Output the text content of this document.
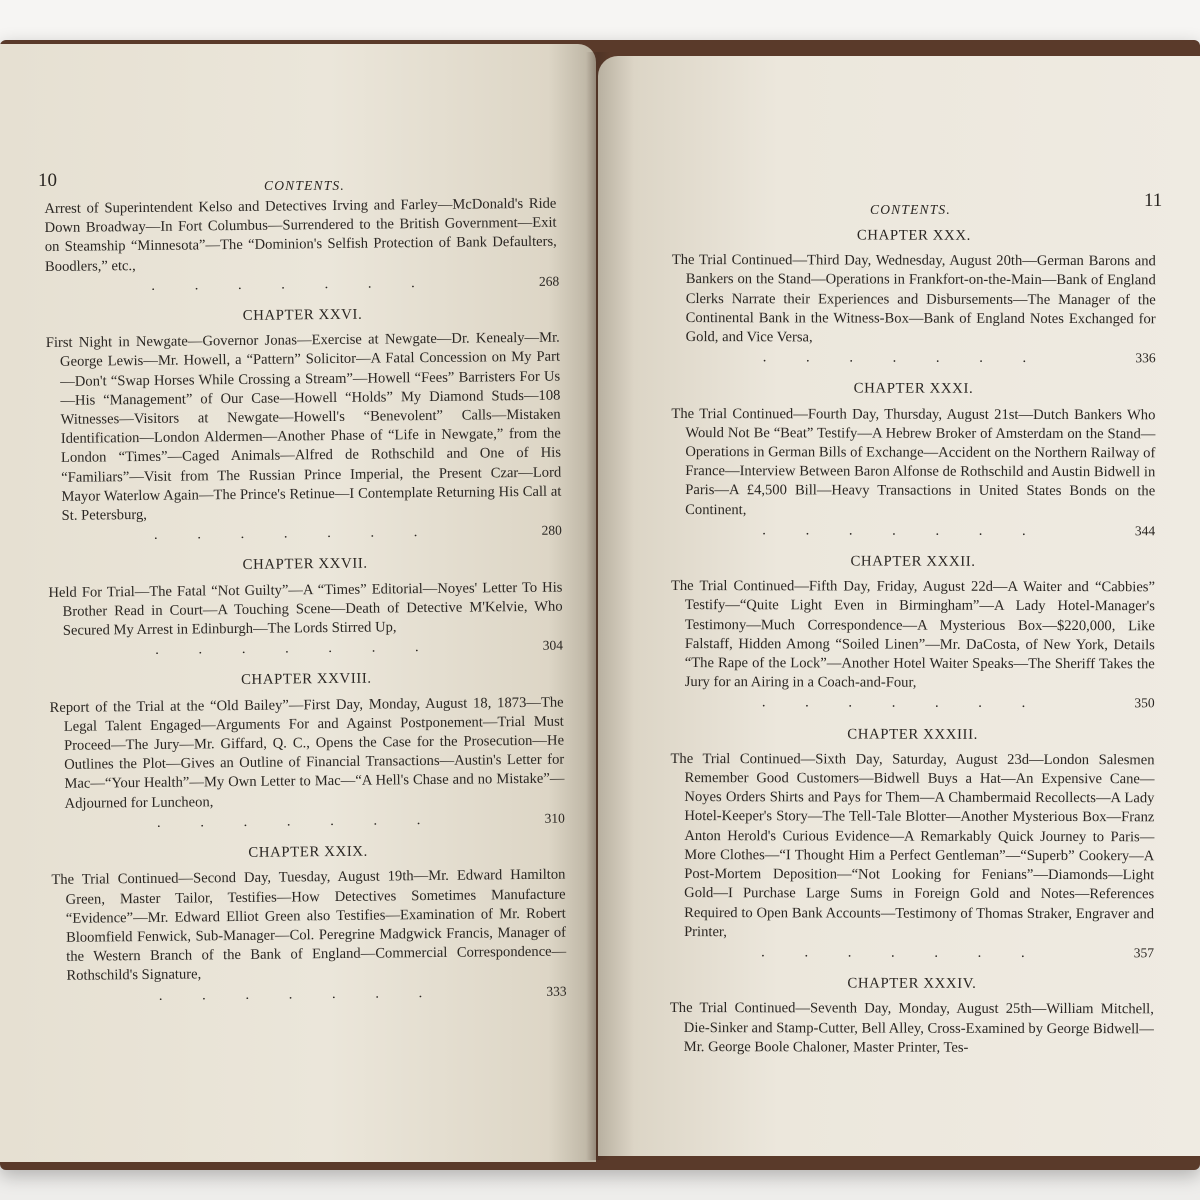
10	CONTENTS.

Arrest of Superintendent Kelso and Detectives Irving and Farley—McDonald's Ride Down Broadway—In Fort Columbus—Surrendered to the British Government—Exit on Steamship “Minnesota”—The “Dominion's Selfish Protection of Bank Defaulters, Boodlers,” etc.,

. . . . . . .	268
CHAPTER XXVI.

First Night in Newgate—Governor Jonas—Exercise at Newgate—Dr. Kenealy—Mr. George Lewis—Mr. Howell, a “Pattern” Solicitor—A Fatal Concession on My Part—Don't “Swap Horses While Crossing a Stream”—Howell “Fees” Barristers For Us—His “Management” of Our Case—Howell “Holds” My Diamond Studs—108 Witnesses—Visitors at Newgate—Howell's “Benevolent” Calls—Mistaken Identification—London Aldermen—Another Phase of “Life in Newgate,” from the London “Times”—Caged Animals—Alfred de Rothschild and One of His “Familiars”—Visit from The Russian Prince Imperial, the Present Czar—Lord Mayor Waterlow Again—The Prince's Retinue—I Contemplate Returning His Call at St. Petersburg,

. . . . . . .	280
CHAPTER XXVII.

Held For Trial—The Fatal “Not Guilty”—A “Times” Editorial—Noyes' Letter To His Brother Read in Court—A Touching Scene—Death of Detective M'Kelvie, Who Secured My Arrest in Edinburgh—The Lords Stirred Up,

. . . . . . .	304
CHAPTER XXVIII.

Report of the Trial at the “Old Bailey”—First Day, Monday, August 18, 1873—The Legal Talent Engaged—Arguments For and Against Postponement—Trial Must Proceed—The Jury—Mr. Giffard, Q. C., Opens the Case for the Prosecution—He Outlines the Plot—Gives an Outline of Financial Transactions—Austin's Letter for Mac—“Your Health”—My Own Letter to Mac—“A Hell's Chase and no Mistake”—Adjourned for Luncheon,

. . . . . . .	310
CHAPTER XXIX.

The Trial Continued—Second Day, Tuesday, August 19th—Mr. Edward Hamilton Green, Master Tailor, Testifies—How Detectives Sometimes Manufacture “Evidence”—Mr. Edward Elliot Green also Testifies—Examination of Mr. Robert Bloomfield Fenwick, Sub-Manager—Col. Peregrine Madgwick Francis, Manager of the Western Branch of the Bank of England—Commercial Correspondence—Rothschild's Signature,

. . . . . . .	333
11
CONTENTS.
CHAPTER XXX.

The Trial Continued—Third Day, Wednesday, August 20th—German Barons and Bankers on the Stand—Operations in Frankfort-on-the-Main—Bank of England Clerks Narrate their Experiences and Disbursements—The Manager of the Continental Bank in the Witness-Box—Bank of England Notes Exchanged for Gold, and Vice Versa,

. . . . . . .	336
CHAPTER XXXI.

The Trial Continued—Fourth Day, Thursday, August 21st—Dutch Bankers Who Would Not Be “Beat” Testify—A Hebrew Broker of Amsterdam on the Stand—Operations in German Bills of Exchange—Accident on the Northern Railway of France—Interview Between Baron Alfonse de Rothschild and Austin Bidwell in Paris—A £4,500 Bill—Heavy Transactions in United States Bonds on the Continent,

. . . . . . .	344
CHAPTER XXXII.

The Trial Continued—Fifth Day, Friday, August 22d—A Waiter and “Cabbies” Testify—“Quite Light Even in Birmingham”—A Lady Hotel-Manager's Testimony—Much Correspondence—A Mysterious Box—$220,000, Like Falstaff, Hidden Among “Soiled Linen”—Mr. DaCosta, of New York, Details “The Rape of the Lock”—Another Hotel Waiter Speaks—The Sheriff Takes the Jury for an Airing in a Coach-and-Four,

. . . . . . .	350
CHAPTER XXXIII.

The Trial Continued—Sixth Day, Saturday, August 23d—London Salesmen Remember Good Customers—Bidwell Buys a Hat—An Expensive Cane—Noyes Orders Shirts and Pays for Them—A Chambermaid Recollects—A Lady Hotel-Keeper's Story—The Tell-Tale Blotter—Another Mysterious Box—Franz Anton Herold's Curious Evidence—A Remarkably Quick Journey to Paris—More Clothes—“I Thought Him a Perfect Gentleman”—“Superb” Cookery—A Post-Mortem Deposition—“Not Looking for Fenians”—Diamonds—Light Gold—I Purchase Large Sums in Foreign Gold and Notes—References Required to Open Bank Accounts—Testimony of Thomas Straker, Engraver and Printer,

. . . . . . .	357
CHAPTER XXXIV.

The Trial Continued—Seventh Day, Monday, August 25th—William Mitchell, Die-Sinker and Stamp-Cutter, Bell Alley, Cross-Examined by George Bidwell—Mr. George Boole Chaloner, Master Printer, Tes-
